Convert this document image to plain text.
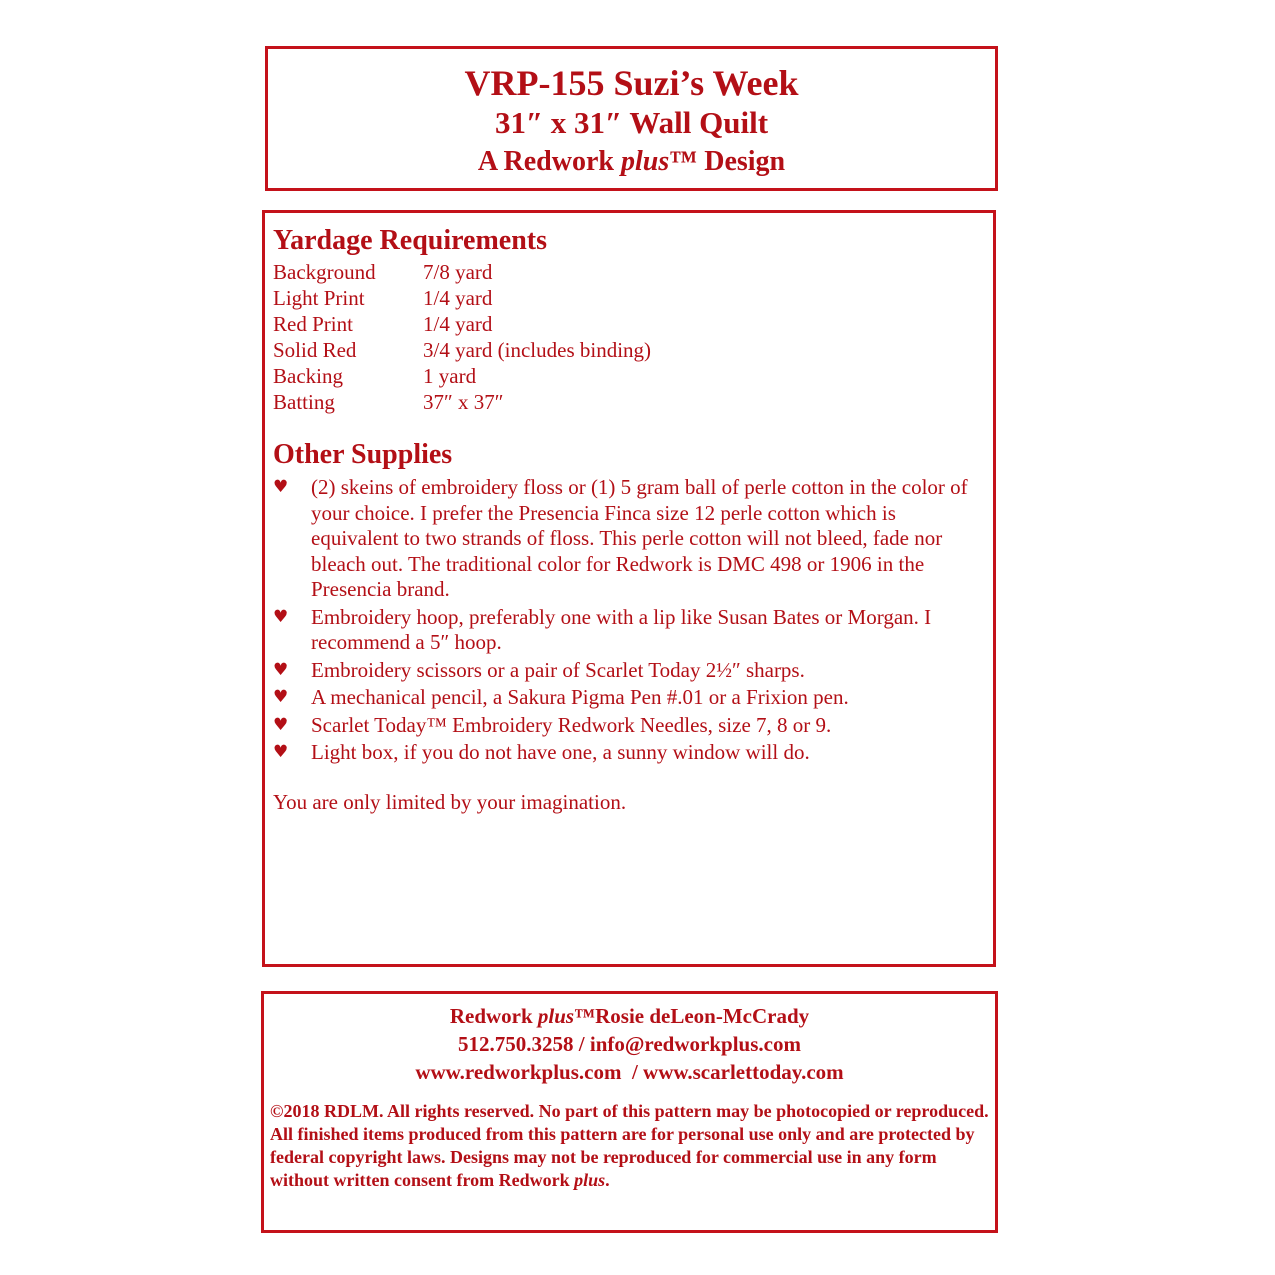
VRP-155 Suzi’s Week
31″ x 31″ Wall Quilt
A Redwork plus™ Design
Yardage Requirements
Background	7/8 yard
Light Print	1/4 yard
Red Print	1/4 yard
Solid Red	3/4 yard (includes binding)
Backing	1 yard
Batting	37″ x 37″
Other Supplies
♥ (2) skeins of embroidery floss or (1) 5 gram ball of perle cotton in the color of your choice. I prefer the Presencia Finca size 12 perle cotton which is equivalent to two strands of floss. This perle cotton will not bleed, fade nor bleach out. The traditional color for Redwork is DMC 498 or 1906 in the Presencia brand.
♥ Embroidery hoop, preferably one with a lip like Susan Bates or Morgan. I recommend a 5″ hoop.
♥ Embroidery scissors or a pair of Scarlet Today 2½″ sharps.
♥ A mechanical pencil, a Sakura Pigma Pen #.01 or a Frixion pen.
♥ Scarlet Today™ Embroidery Redwork Needles, size 7, 8 or 9.
♥ Light box, if you do not have one, a sunny window will do.
You are only limited by your imagination.
Redwork plus™Rosie deLeon-McCrady
512.750.3258 / info@redworkplus.com
www.redworkplus.com  / www.scarlettoday.com
©2018 RDLM. All rights reserved. No part of this pattern may be photocopied or reproduced. All finished items produced from this pattern are for personal use only and are protected by federal copyright laws. Designs may not be reproduced for commercial use in any form without written consent from Redwork plus.
